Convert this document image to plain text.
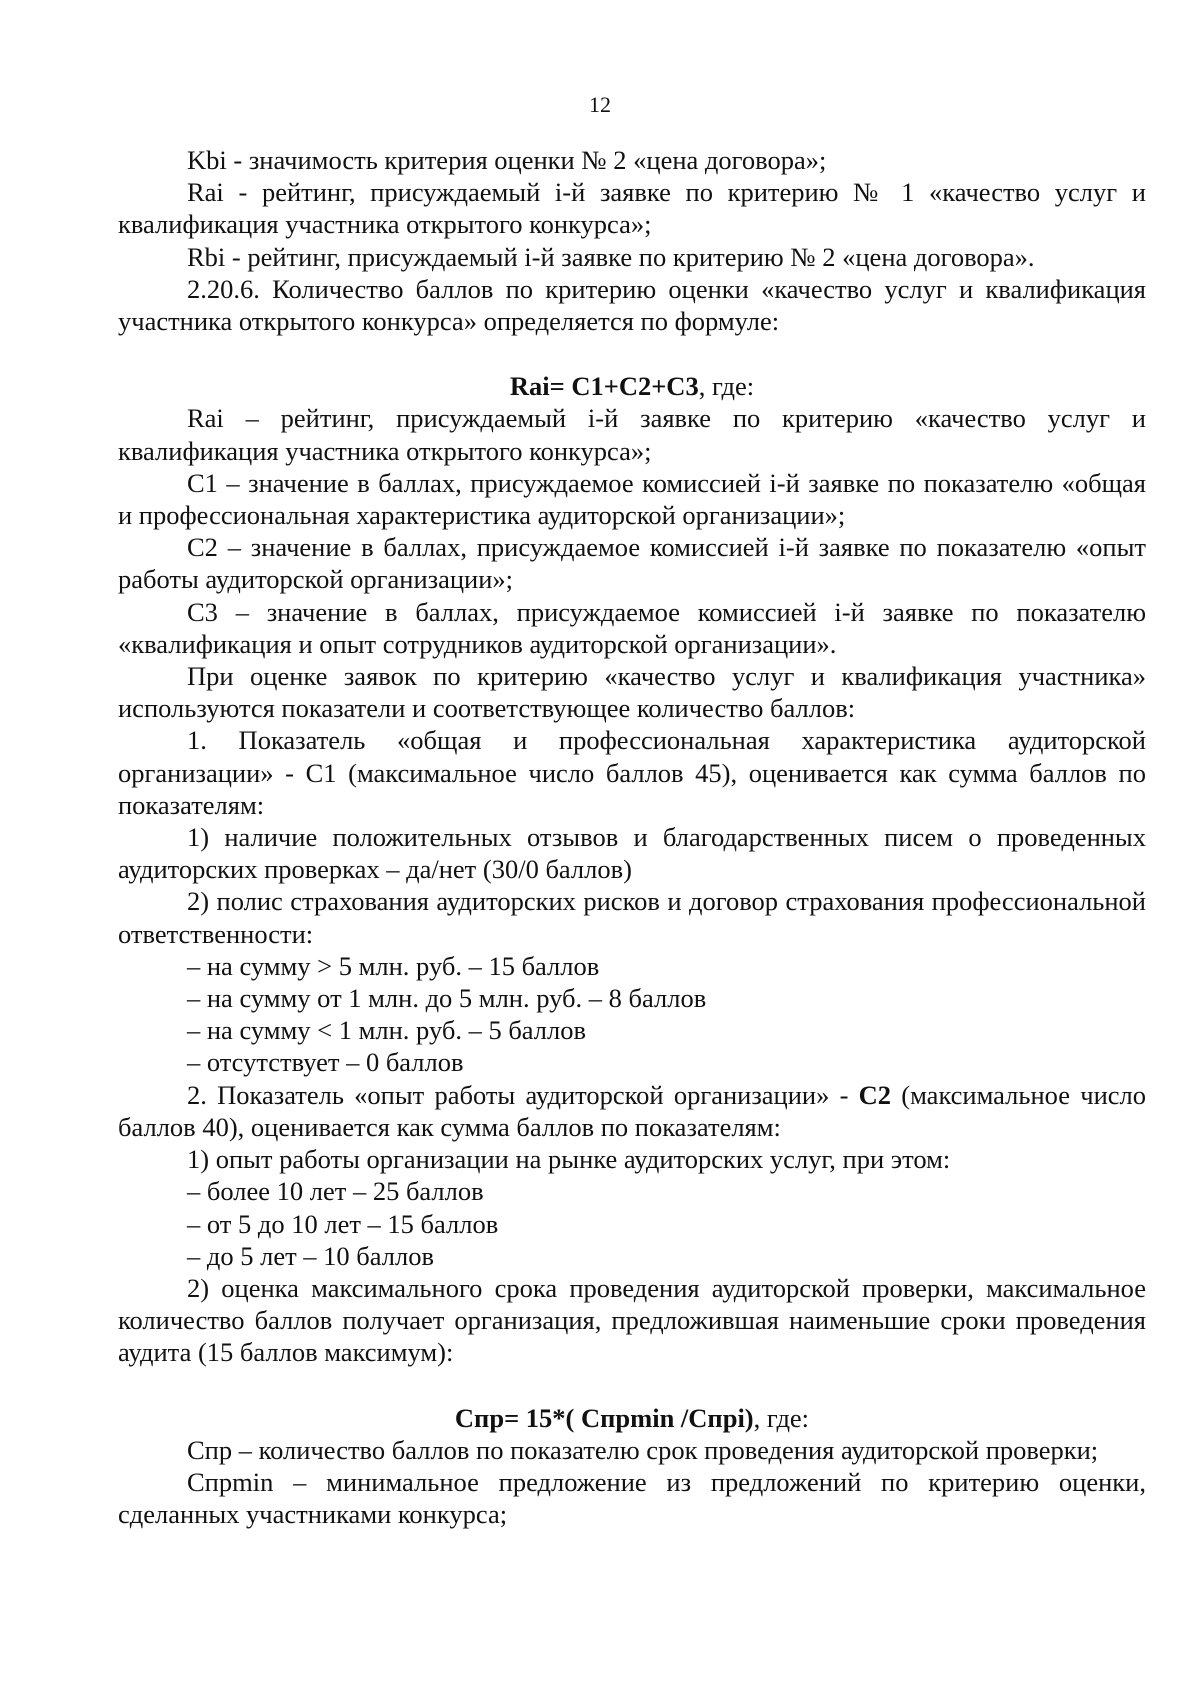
12

Kbi - значимость критерия оценки № 2 «цена договора»;

Rai - рейтинг, присуждаемый i-й заявке по критерию № 1 «качество услуг и квалификация участника открытого конкурса»;

Rbi - рейтинг, присуждаемый i-й заявке по критерию № 2 «цена договора».

2.20.6. Количество баллов по критерию оценки «качество услуг и квалификация участника открытого конкурса» определяется по формуле:

Rai= C1+C2+C3, где:

Rai – рейтинг, присуждаемый i-й заявке по критерию «качество услуг и квалификация участника открытого конкурса»;

C1 – значение в баллах, присуждаемое комиссией i-й заявке по показателю «общая и профессиональная характеристика аудиторской организации»;

C2 – значение в баллах, присуждаемое комиссией i-й заявке по показателю «опыт работы аудиторской организации»;

C3 – значение в баллах, присуждаемое комиссией i-й заявке по показателю «квалификация и опыт сотрудников аудиторской организации».

При оценке заявок по критерию «качество услуг и квалификация участника» используются показатели и соответствующее количество баллов:

1. Показатель «общая и профессиональная характеристика аудиторской организации» - C1 (максимальное число баллов 45), оценивается как сумма баллов по показателям:

1) наличие положительных отзывов и благодарственных писем о проведенных аудиторских проверках – да/нет (30/0 баллов)

2) полис страхования аудиторских рисков и договор страхования профессиональной ответственности:

– на сумму > 5 млн. руб. – 15 баллов

– на сумму от 1 млн. до 5 млн. руб. – 8 баллов

– на сумму < 1 млн. руб. – 5 баллов

– отсутствует – 0 баллов

2. Показатель «опыт работы аудиторской организации» - C2 (максимальное число баллов 40), оценивается как сумма баллов по показателям:

1) опыт работы организации на рынке аудиторских услуг, при этом:

– более 10 лет – 25 баллов

– от 5 до 10 лет – 15 баллов

– до 5 лет – 10 баллов

2) оценка максимального срока проведения аудиторской проверки, максимальное количество баллов получает организация, предложившая наименьшие сроки проведения аудита (15 баллов максимум):

Спр= 15*( Спрmin /Спрi), где:

Спр – количество баллов по показателю срок проведения аудиторской проверки;

Спрmin – минимальное предложение из предложений по критерию оценки, сделанных участниками конкурса;
